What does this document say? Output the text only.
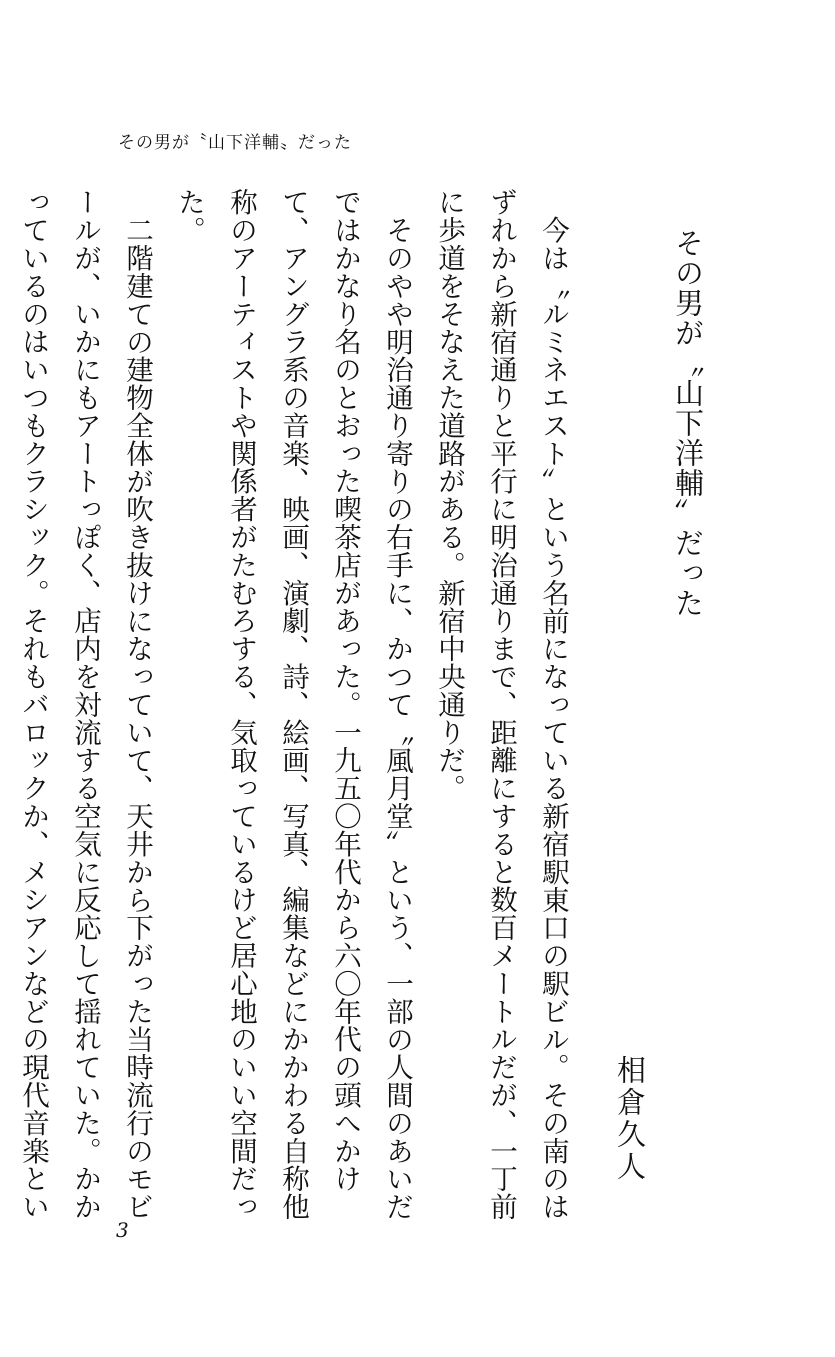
その男が〝山下洋輔〟だった
その男が〝山下洋輔〟だった
相倉久人

今は〝ルミネエスト〟という名前になっている新宿駅東口の駅ビル。その南のはずれから新宿通りと平行に明治通りまで、距離にすると数百メートルだが、一丁前に歩道をそなえた道路がある。新宿中央通りだ。

そのやや明治通り寄りの右手に、かつて〝風月堂〟という、一部の人間のあいだではかなり名のとおった喫茶店があった。一九五〇年代から六〇年代の頭へかけて、アングラ系の音楽、映画、演劇、詩、絵画、写真、編集などにかかわる自称他称のアーティストや関係者がたむろする、気取っているけど居心地のいい空間だった。

二階建ての建物全体が吹き抜けになっていて、天井から下がった当時流行のモビールが、いかにもアートっぽく、店内を対流する空気に反応して揺れていた。かかっているのはいつもクラシック。それもバロックか、メシアンなどの現代音楽とい

3
